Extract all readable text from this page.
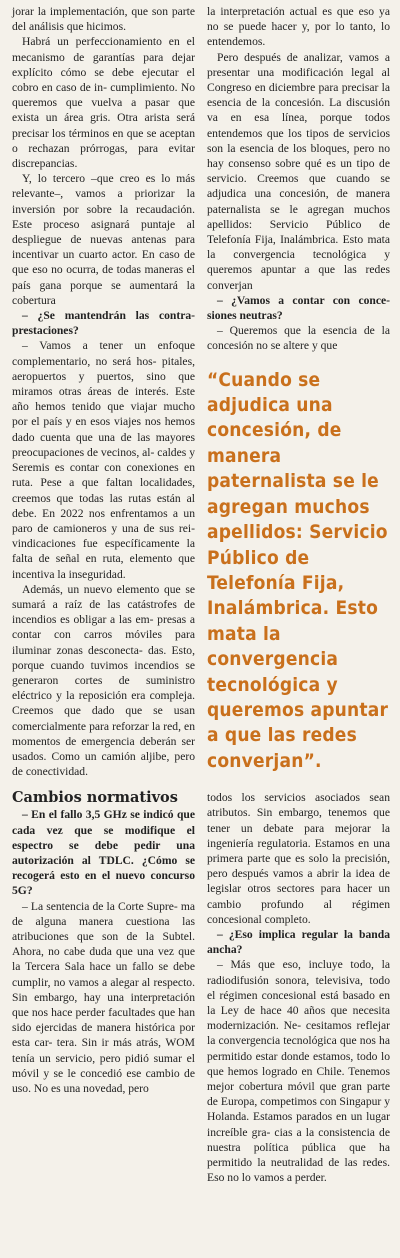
jorar la implementación, que son parte del análisis que hicimos.

Habrá un perfeccionamiento en el mecanismo de garantías para dejar explícito cómo se debe ejecutar el cobro en caso de in- cumplimiento. No queremos que vuelva a pasar que exista un área gris. Otra arista será precisar los términos en que se aceptan o rechazan prórrogas, para evitar discrepancias.

Y, lo tercero –que creo es lo más relevante–, vamos a priorizar la inversión por sobre la recaudación. Este proceso asignará puntaje al despliegue de nuevas antenas para incentivar un cuarto actor. En caso de que eso no ocurra, de todas maneras el país gana porque se aumentará la cobertura

– ¿Se mantendrán las contra- prestaciones?

– Vamos a tener un enfoque complementario, no será hos- pitales, aeropuertos y puertos, sino que miramos otras áreas de interés. Este año hemos tenido que viajar mucho por el país y en esos viajes nos hemos dado cuenta que una de las mayores preocupaciones de vecinos, al- caldes y Seremis es contar con conexiones en ruta. Pese a que faltan localidades, creemos que todas las rutas están al debe. En 2022 nos enfrentamos a un paro de camioneros y una de sus rei- vindicaciones fue específicamente la falta de señal en ruta, elemento que incentiva la inseguridad.

Además, un nuevo elemento que se sumará a raíz de las catástrofes de incendios es obligar a las em- presas a contar con carros móviles para iluminar zonas desconecta- das. Esto, porque cuando tuvimos incendios se generaron cortes de suministro eléctrico y la reposición era compleja. Creemos que dado que se usan comercialmente para reforzar la red, en momentos de emergencia deberán ser usados. Como un camión aljibe, pero de conectividad.

Cambios normativos

– En el fallo 3,5 GHz se indicó que cada vez que se modifique el espectro se debe pedir una autorización al TDLC. ¿Cómo se recogerá esto en el nuevo concurso 5G?

– La sentencia de la Corte Supre- ma de alguna manera cuestiona las atribuciones que son de la Subtel. Ahora, no cabe duda que una vez que la Tercera Sala hace un fallo se debe cumplir, no vamos a alegar al respecto. Sin embargo, hay una interpretación que nos hace perder facultades que han sido ejercidas de manera histórica por esta car- tera. Sin ir más atrás, WOM tenía un servicio, pero pidió sumar el móvil y se le concedió ese cambio de uso. No es una novedad, pero

la interpretación actual es que eso ya no se puede hacer y, por lo tanto, lo entendemos.

Pero después de analizar, vamos a presentar una modificación legal al Congreso en diciembre para precisar la esencia de la concesión. La discusión va en esa línea, porque todos entendemos que los tipos de servicios son la esencia de los bloques, pero no hay consenso sobre qué es un tipo de servicio. Creemos que cuando se adjudica una concesión, de manera paternalista se le agregan muchos apellidos: Servicio Público de Telefonía Fija, Inalámbrica. Esto mata la convergencia tecnológica y queremos apuntar a que las redes converjan

– ¿Vamos a contar con conce- siones neutras?

– Queremos que la esencia de la concesión no se altere y que

“Cuando se adjudica una concesión, de manera paternalista se le agregan muchos apellidos: Servicio Público de Telefonía Fija, Inalámbrica. Esto mata la convergencia tecnológica y queremos apuntar a que las redes converjan”.

todos los servicios asociados sean atributos. Sin embargo, tenemos que tener un debate para mejorar la ingeniería regulatoria. Estamos en una primera parte que es solo la precisión, pero después vamos a abrir la idea de legislar otros sectores para hacer un cambio profundo al régimen concesional completo.

– ¿Eso implica regular la banda ancha?

– Más que eso, incluye todo, la radiodifusión sonora, televisiva, todo el régimen concesional está basado en la Ley de hace 40 años que necesita modernización. Ne- cesitamos reflejar la convergencia tecnológica que nos ha permitido estar donde estamos, todo lo que hemos logrado en Chile. Tenemos mejor cobertura móvil que gran parte de Europa, competimos con Singapur y Holanda. Estamos parados en un lugar increíble gra- cias a la consistencia de nuestra política pública que ha permitido la neutralidad de las redes. Eso no lo vamos a perder.
